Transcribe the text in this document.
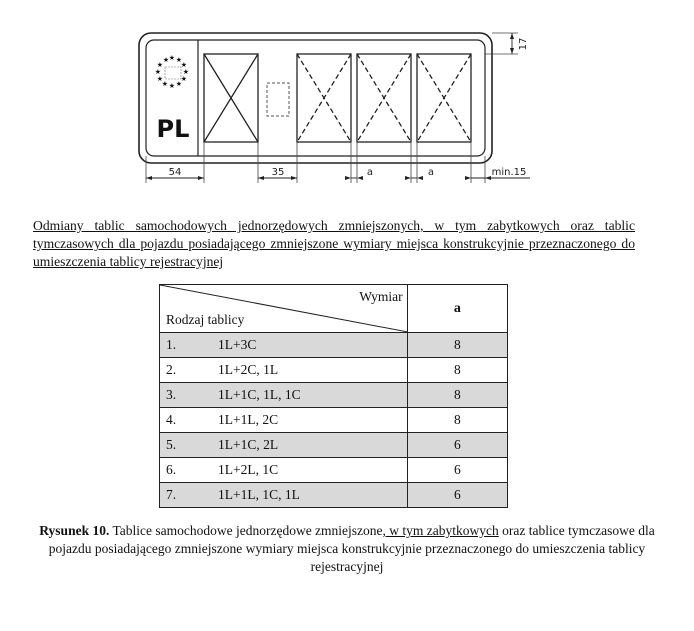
★ ★ ★ ★ ★ ★ ★ ★ ★ ★ ★ ★
PL
54	35	a	a	min.15
17
Odmiany tablic samochodowych jednorzędowych zmniejszonych, w tym zabytkowych oraz tablic tymczasowych dla pojazdu posiadającego zmniejszone wymiary miejsca konstrukcyjnie przeznaczonego do umieszczenia tablicy rejestracyjnej
Wymiar
Rodzaj tablicy	a
1. 1L+3C	8
2. 1L+2C, 1L	8
3. 1L+1C, 1L, 1C	8
4. 1L+1L, 2C	8
5. 1L+1C, 2L	6
6. 1L+2L, 1C	6
7. 1L+1L, 1C, 1L	6
Rysunek 10. Tablice samochodowe jednorzędowe zmniejszone, w tym zabytkowych oraz tablice tymczasowe dla pojazdu posiadającego zmniejszone wymiary miejsca konstrukcyjnie przeznaczonego do umieszczenia tablicy rejestracyjnej
